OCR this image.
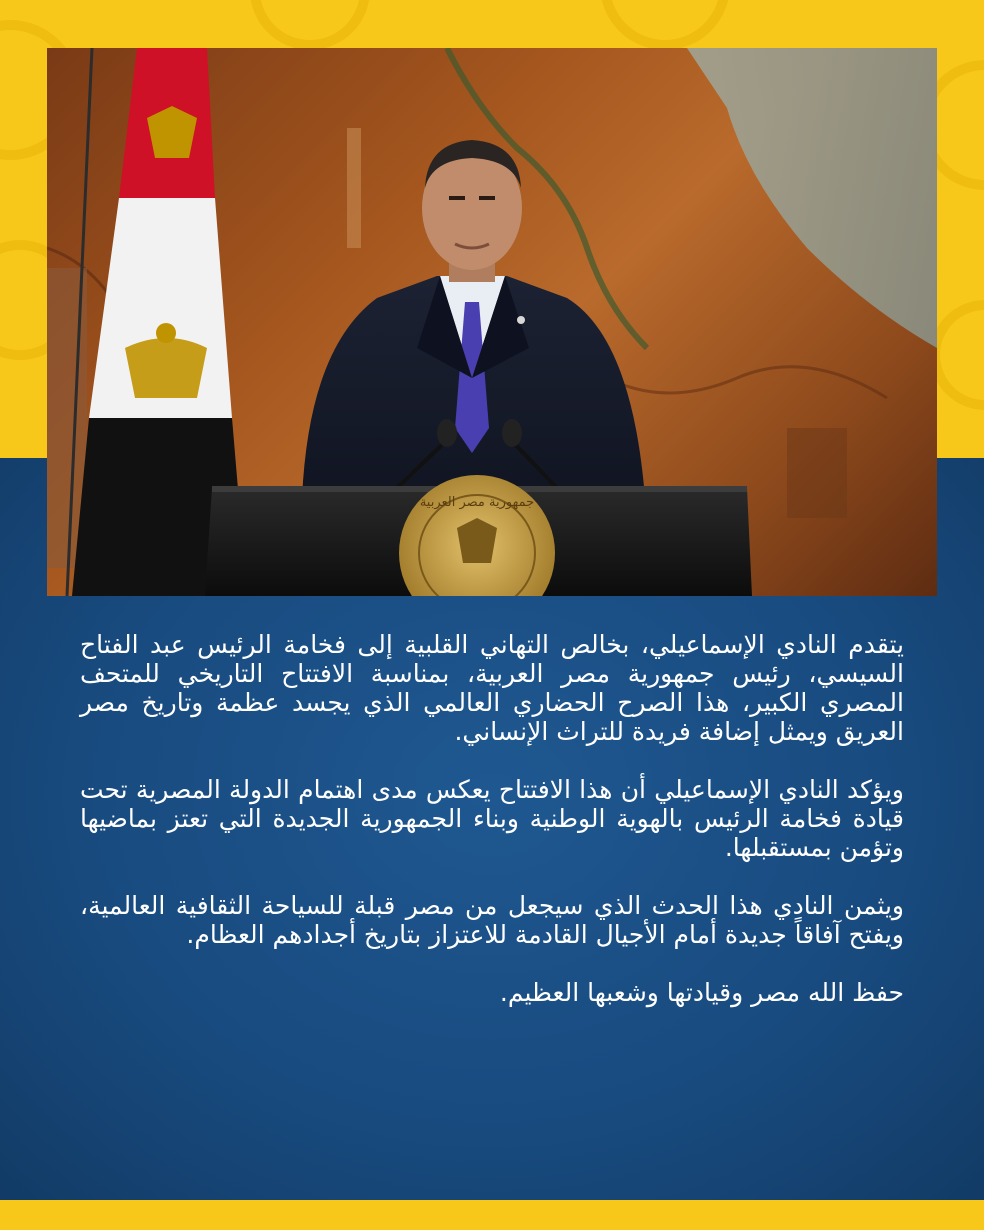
جمهورية مصر العربية

يتقدم النادي الإسماعيلي، بخالص التهاني القلبية إلى فخامة الرئيس عبد الفتاح السيسي، رئيس جمهورية مصر العربية، بمناسبة الافتتاح التاريخي للمتحف المصري الكبير، هذا الصرح الحضاري العالمي الذي يجسد عظمة وتاريخ مصر العريق ويمثل إضافة فريدة للتراث الإنساني.

ويؤكد النادي الإسماعيلي أن هذا الافتتاح يعكس مدى اهتمام الدولة المصرية تحت قيادة فخامة الرئيس بالهوية الوطنية وبناء الجمهورية الجديدة التي تعتز بماضيها وتؤمن بمستقبلها.

ويثمن النادي هذا الحدث الذي سيجعل من مصر قبلة للسياحة الثقافية العالمية، ويفتح آفاقاً جديدة أمام الأجيال القادمة للاعتزاز بتاريخ أجدادهم العظام.

حفظ الله مصر وقيادتها وشعبها العظيم.
